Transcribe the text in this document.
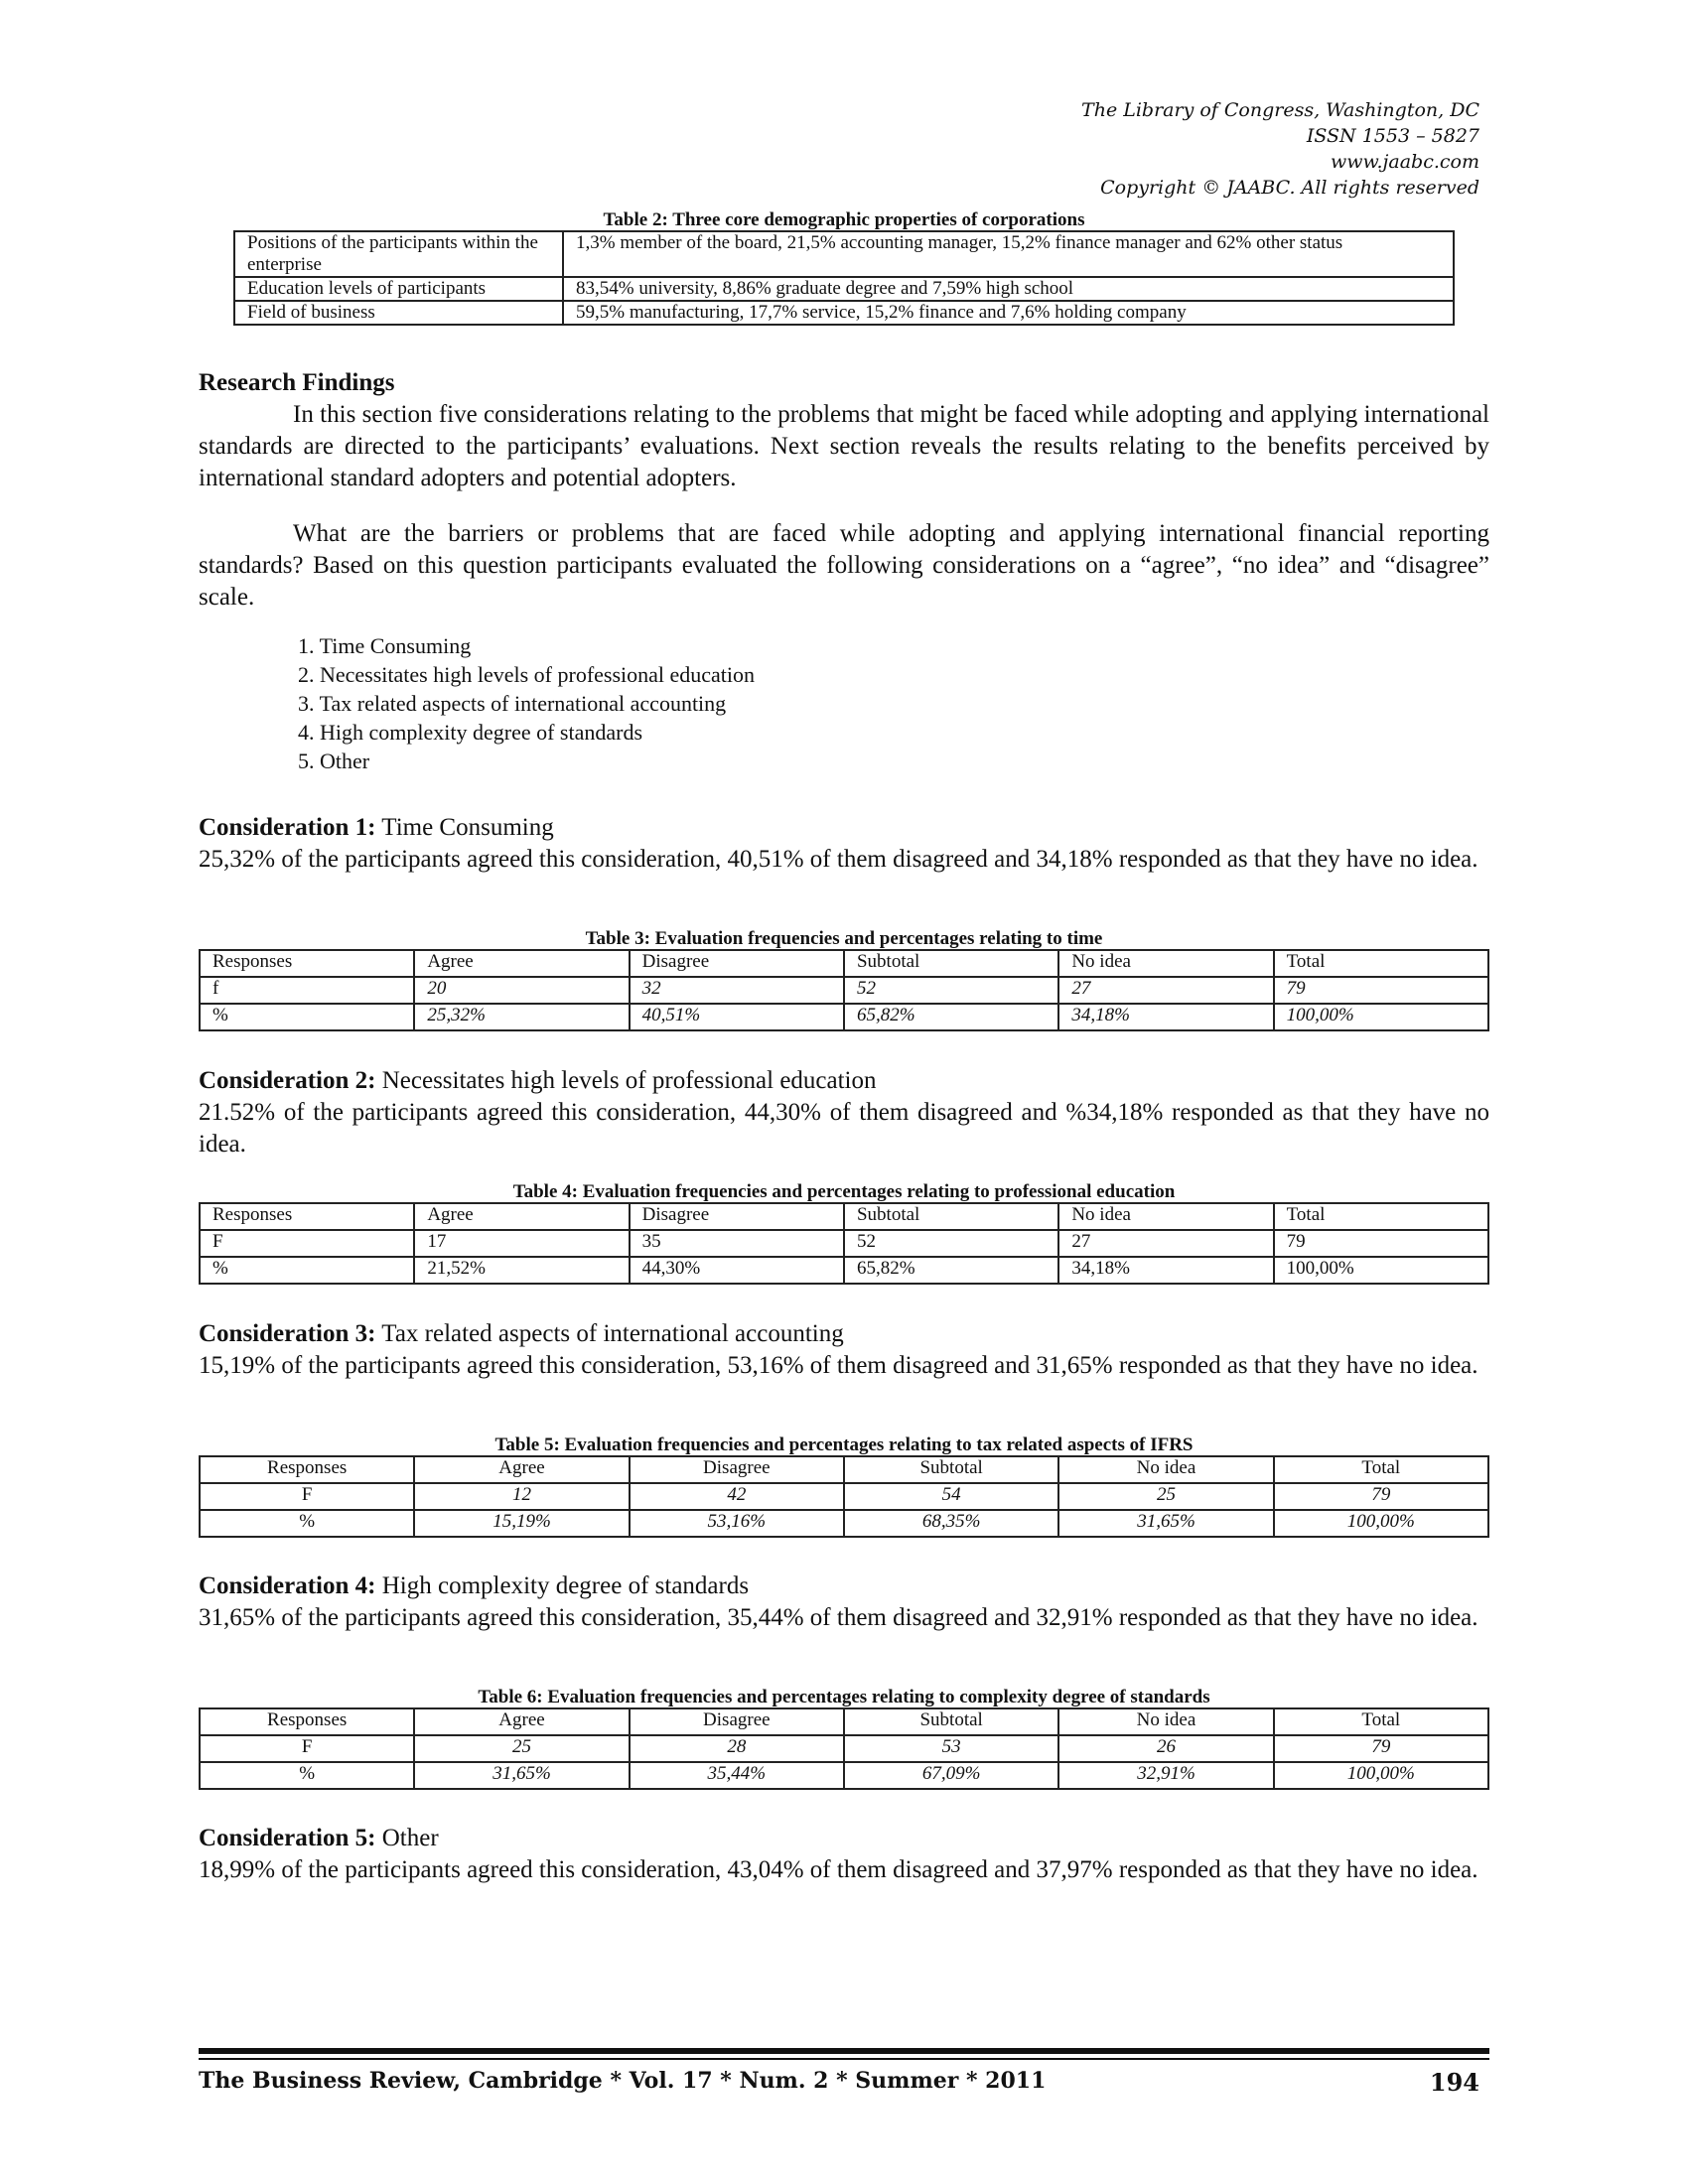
The Library of Congress, Washington, DC
ISSN 1553 – 5827
www.jaabc.com
Copyright © JAABC. All rights reserved
Table 2: Three core demographic properties of corporations
Positions of the participants within the enterprise	1,3% member of the board, 21,5% accounting manager, 15,2% finance manager and 62% other status
Education levels of participants	83,54% university, 8,86% graduate degree and 7,59% high school
Field of business	59,5% manufacturing, 17,7% service, 15,2% finance and 7,6% holding company
Research Findings

In this section five considerations relating to the problems that might be faced while adopting and applying international standards are directed to the participants’ evaluations. Next section reveals the results relating to the benefits perceived by international standard adopters and potential adopters.

What are the barriers or problems that are faced while adopting and applying international financial reporting standards? Based on this question participants evaluated the following considerations on a “agree”, “no idea” and “disagree” scale.

1. Time Consuming
2. Necessitates high levels of professional education
3. Tax related aspects of international accounting
4. High complexity degree of standards
5. Other

Consideration 1: Time Consuming

25,32% of the participants agreed this consideration, 40,51% of them disagreed and 34,18% responded as that they have no idea.

Table 3: Evaluation frequencies and percentages relating to time
Responses	Agree	Disagree	Subtotal	No idea	Total
f	20	32	52	27	79
%	25,32%	40,51%	65,82%	34,18%	100,00%

Consideration 2: Necessitates high levels of professional education

21.52% of the participants agreed this consideration, 44,30% of them disagreed and %34,18% responded as that they have no idea.

Table 4: Evaluation frequencies and percentages relating to professional education
Responses	Agree	Disagree	Subtotal	No idea	Total
F	17	35	52	27	79
%	21,52%	44,30%	65,82%	34,18%	100,00%

Consideration 3: Tax related aspects of international accounting

15,19% of the participants agreed this consideration, 53,16% of them disagreed and 31,65% responded as that they have no idea.

Table 5: Evaluation frequencies and percentages relating to tax related aspects of IFRS
Responses	Agree	Disagree	Subtotal	No idea	Total
F	12	42	54	25	79
%	15,19%	53,16%	68,35%	31,65%	100,00%

Consideration 4: High complexity degree of standards

31,65% of the participants agreed this consideration, 35,44% of them disagreed and 32,91% responded as that they have no idea.

Table 6: Evaluation frequencies and percentages relating to complexity degree of standards
Responses	Agree	Disagree	Subtotal	No idea	Total
F	25	28	53	26	79
%	31,65%	35,44%	67,09%	32,91%	100,00%

Consideration 5: Other

18,99% of the participants agreed this consideration, 43,04% of them disagreed and 37,97% responded as that they have no idea.

The Business Review, Cambridge * Vol. 17 * Num. 2 * Summer * 2011	194
